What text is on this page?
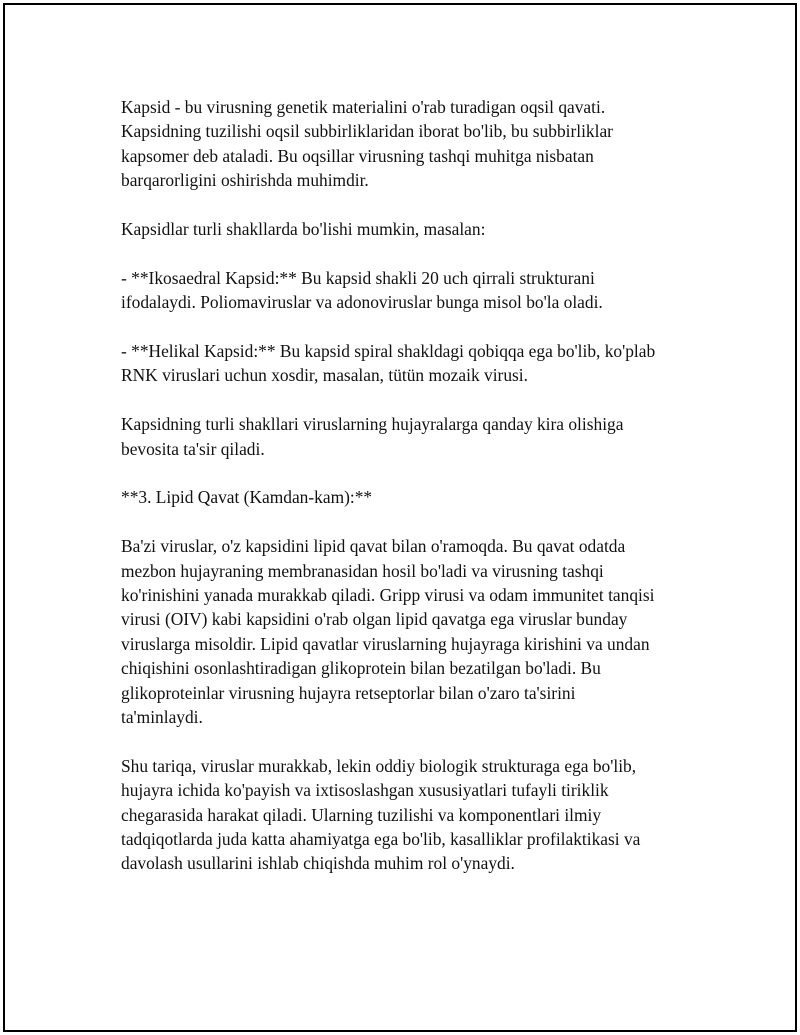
Kapsid - bu virusning genetik materialini o'rab turadigan oqsil qavati.
Kapsidning tuzilishi oqsil subbirliklaridan iborat bo'lib, bu subbirliklar
kapsomer deb ataladi. Bu oqsillar virusning tashqi muhitga nisbatan
barqarorligini oshirishda muhimdir.

Kapsidlar turli shakllarda bo'lishi mumkin, masalan:

- **Ikosaedral Kapsid:** Bu kapsid shakli 20 uch qirrali strukturani
ifodalaydi. Poliomaviruslar va adonoviruslar bunga misol bo'la oladi.

- **Helikal Kapsid:** Bu kapsid spiral shakldagi qobiqqa ega bo'lib, ko'plab
RNK viruslari uchun xosdir, masalan, tütün mozaik virusi.

Kapsidning turli shakllari viruslarning hujayralarga qanday kira olishiga
bevosita ta'sir qiladi.

**3. Lipid Qavat (Kamdan-kam):**

Ba'zi viruslar, o'z kapsidini lipid qavat bilan o'ramoqda. Bu qavat odatda
mezbon hujayraning membranasidan hosil bo'ladi va virusning tashqi
ko'rinishini yanada murakkab qiladi. Gripp virusi va odam immunitet tanqisi
virusi (OIV) kabi kapsidini o'rab olgan lipid qavatga ega viruslar bunday
viruslarga misoldir. Lipid qavatlar viruslarning hujayraga kirishini va undan
chiqishini osonlashtiradigan glikoprotein bilan bezatilgan bo'ladi. Bu
glikoproteinlar virusning hujayra retseptorlar bilan o'zaro ta'sirini
ta'minlaydi.

Shu tariqa, viruslar murakkab, lekin oddiy biologik strukturaga ega bo'lib,
hujayra ichida ko'payish va ixtisoslashgan xususiyatlari tufayli tiriklik
chegarasida harakat qiladi. Ularning tuzilishi va komponentlari ilmiy
tadqiqotlarda juda katta ahamiyatga ega bo'lib, kasalliklar profilaktikasi va
davolash usullarini ishlab chiqishda muhim rol o'ynaydi.
